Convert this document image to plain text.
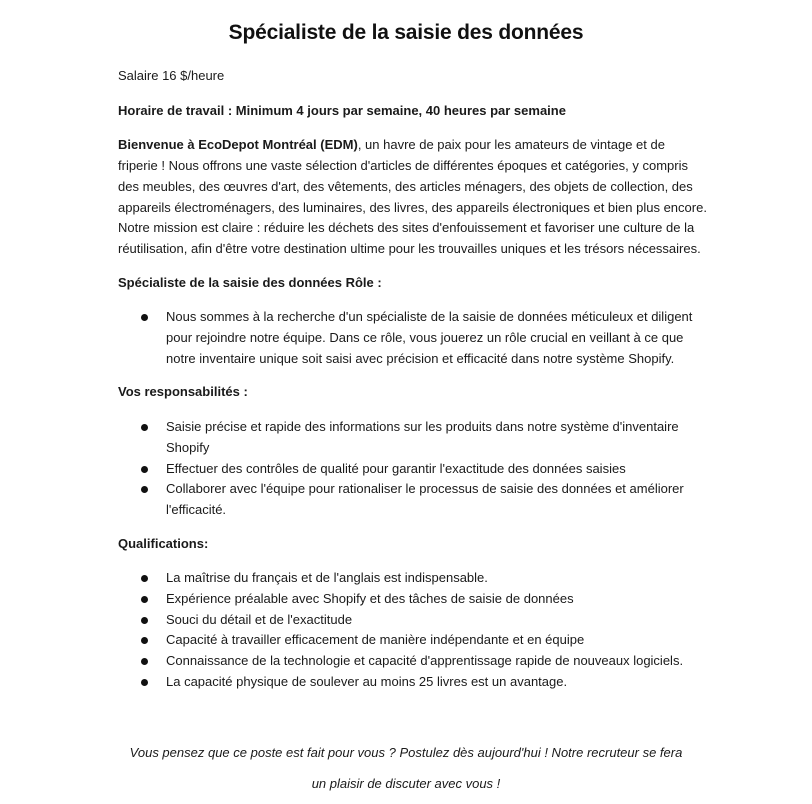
Spécialiste de la saisie des données

Salaire 16 $/heure

Horaire de travail : Minimum 4 jours par semaine, 40 heures par semaine

Bienvenue à EcoDepot Montréal (EDM), un havre de paix pour les amateurs de vintage et de friperie ! Nous offrons une vaste sélection d'articles de différentes époques et catégories, y compris des meubles, des œuvres d'art, des vêtements, des articles ménagers, des objets de collection, des appareils électroménagers, des luminaires, des livres, des appareils électroniques et bien plus encore. Notre mission est claire : réduire les déchets des sites d'enfouissement et favoriser une culture de la réutilisation, afin d'être votre destination ultime pour les trouvailles uniques et les trésors nécessaires.

Spécialiste de la saisie des données Rôle :

Nous sommes à la recherche d'un spécialiste de la saisie de données méticuleux et diligent pour rejoindre notre équipe. Dans ce rôle, vous jouerez un rôle crucial en veillant à ce que notre inventaire unique soit saisi avec précision et efficacité dans notre système Shopify.

Vos responsabilités :

Saisie précise et rapide des informations sur les produits dans notre système d'inventaire Shopify
Effectuer des contrôles de qualité pour garantir l'exactitude des données saisies
Collaborer avec l'équipe pour rationaliser le processus de saisie des données et améliorer l'efficacité.

Qualifications:

La maîtrise du français et de l'anglais est indispensable.
Expérience préalable avec Shopify et des tâches de saisie de données
Souci du détail et de l'exactitude
Capacité à travailler efficacement de manière indépendante et en équipe
Connaissance de la technologie et capacité d'apprentissage rapide de nouveaux logiciels.
La capacité physique de soulever au moins 25 livres est un avantage.
Vous pensez que ce poste est fait pour vous ? Postulez dès aujourd'hui ! Notre recruteur se fera
un plaisir de discuter avec vous !
